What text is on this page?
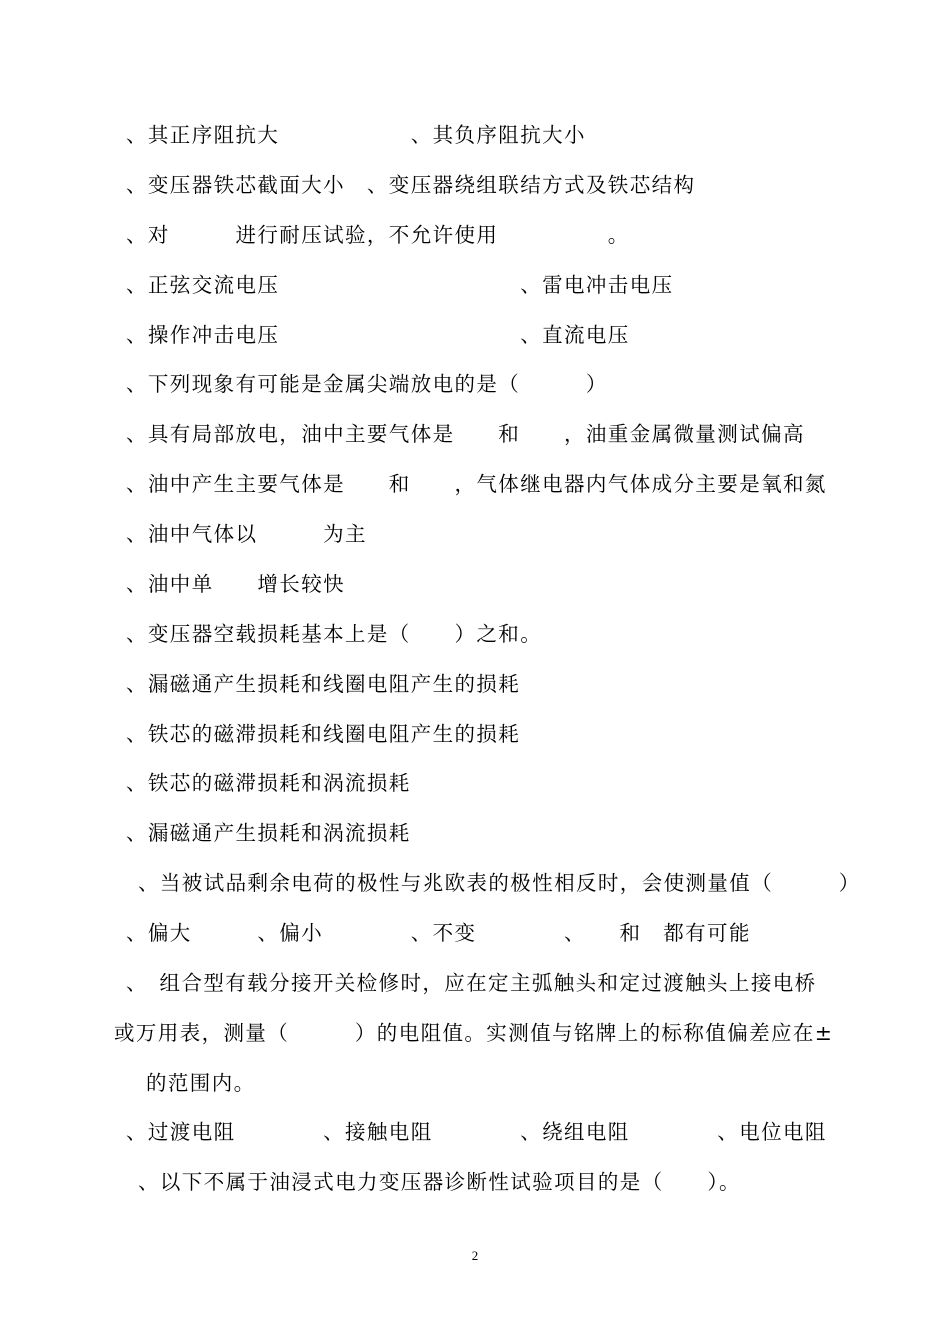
、其正序阻抗大　　　　　　、其负序阻抗大小
、变压器铁芯截面大小　、变压器绕组联结方式及铁芯结构
、对　　　进行耐压试验，不允许使用　　　　　。
、正弦交流电压　　　　　　　　　　　、雷电冲击电压
、操作冲击电压　　　　　　　　　　　、直流电压
、下列现象有可能是金属尖端放电的是（　　　）
、具有局部放电，油中主要气体是　　和　　，油重金属微量测试偏高
、油中产生主要气体是　　和　　，气体继电器内气体成分主要是氧和氮
、油中气体以　　　为主
、油中单　　增长较快
、变压器空载损耗基本上是（　　）之和。
、漏磁通产生损耗和线圈电阻产生的损耗
、铁芯的磁滞损耗和线圈电阻产生的损耗
、铁芯的磁滞损耗和涡流损耗
、漏磁通产生损耗和涡流损耗
、当被试品剩余电荷的极性与兆欧表的极性相反时，会使测量值（　　　）
、偏大　　　、偏小　　　　、不变　　　　、　　和　都有可能
、　组合型有载分接开关检修时，应在定主弧触头和定过渡触头上接电桥
或万用表，测量（　　　）的电阻值。实测值与铭牌上的标称值偏差应在±
的范围内。
、过渡电阻　　　　、接触电阻　　　　、绕组电阻　　　　、电位电阻
、以下不属于油浸式电力变压器诊断性试验项目的是（　　）。
2
